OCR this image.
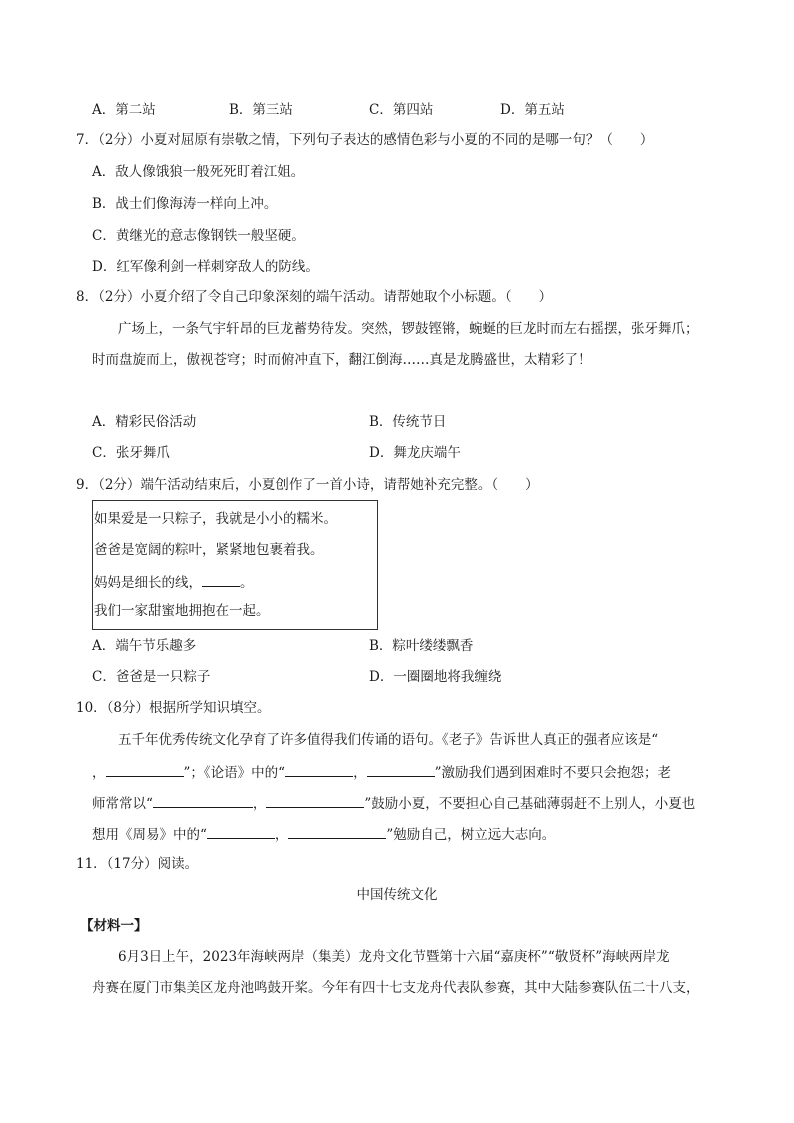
A．第二站	B．第三站	C．第四站	D．第五站
7．（2分）小夏对屈原有崇敬之情，下列句子表达的感情色彩与小夏的不同的是哪一句？（　　）
A．敌人像饿狼一般死死盯着江姐。
B．战士们像海涛一样向上冲。
C．黄继光的意志像钢铁一般坚硬。
D．红军像利剑一样刺穿敌人的防线。
8．（2分）小夏介绍了令自己印象深刻的端午活动。请帮她取个小标题。（　　）
广场上，一条气宇轩昂的巨龙蓄势待发。突然，锣鼓铿锵，蜿蜒的巨龙时而左右摇摆，张牙舞爪；
时而盘旋而上，傲视苍穹；时而俯冲直下，翻江倒海……真是龙腾盛世，太精彩了！
A．精彩民俗活动	B．传统节日
C．张牙舞爪	D．舞龙庆端午
9．（2分）端午活动结束后，小夏创作了一首小诗，请帮她补充完整。（　　）
如果爱是一只粽子，我就是小小的糯米。
爸爸是宽阔的粽叶，紧紧地包裹着我。
妈妈是细长的线，	。
我们一家甜蜜地拥抱在一起。
A．端午节乐趣多	B．粽叶缕缕飘香
C．爸爸是一只粽子	D．一圈圈地将我缠绕
10．（8分）根据所学知识填空。
五千年优秀传统文化孕育了许多值得我们传诵的语句。《老子》告诉世人真正的强者应该是“
，	”；《论语》中的“	，	”激励我们遇到困难时不要只会抱怨；老
师常常以“	，	”鼓励小夏，不要担心自己基础薄弱赶不上别人，小夏也
想用《周易》中的“	，	”勉励自己，树立远大志向。
11．（17分）阅读。
中国传统文化
【材料一】
6月3日上午，2023年海峡两岸（集美）龙舟文化节暨第十六届“嘉庚杯”“敬贤杯”海峡两岸龙
舟赛在厦门市集美区龙舟池鸣鼓开桨。今年有四十七支龙舟代表队参赛，其中大陆参赛队伍二十八支，
